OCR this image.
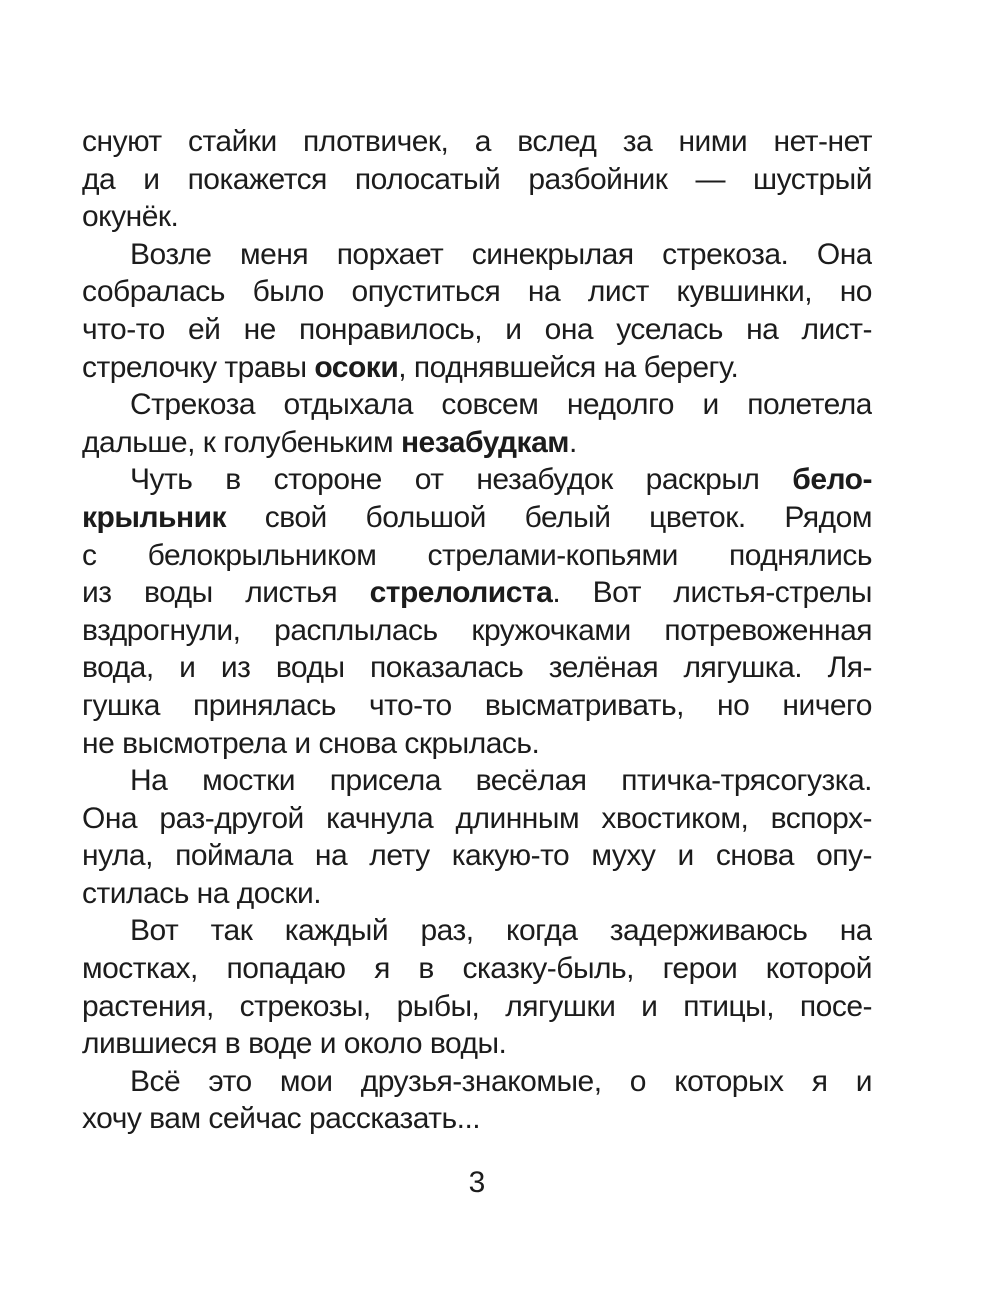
снуют стайки плотвичек, а вслед за ними нет-нет
да и покажется полосатый разбойник — шустрый
окунёк.
Возле меня порхает синекрылая стрекоза. Она
собралась было опуститься на лист кувшинки, но
что-то ей не понравилось, и она уселась на лист-
стрелочку травы осоки, поднявшейся на берегу.
Стрекоза отдыхала совсем недолго и полетела
дальше, к голубеньким незабудкам.
Чуть в стороне от незабудок раскрыл бело-
крыльник свой большой белый цветок. Рядом
с белокрыльником стрелами-копьями поднялись
из воды листья стрелолиста. Вот листья-стрелы
вздрогнули, расплылась кружочками потревоженная
вода, и из воды показалась зелёная лягушка. Ля-
гушка принялась что-то высматривать, но ничего
не высмотрела и снова скрылась.
На мостки присела весёлая птичка-трясогузка.
Она раз-другой качнула длинным хвостиком, вспорх-
нула, поймала на лету какую-то муху и снова опу-
стилась на доски.
Вот так каждый раз, когда задерживаюсь на
мостках, попадаю я в сказку-быль, герои которой
растения, стрекозы, рыбы, лягушки и птицы, посе-
лившиеся в воде и около воды.
Всё это мои друзья-знакомые, о которых я и
хочу вам сейчас рассказать...
3
